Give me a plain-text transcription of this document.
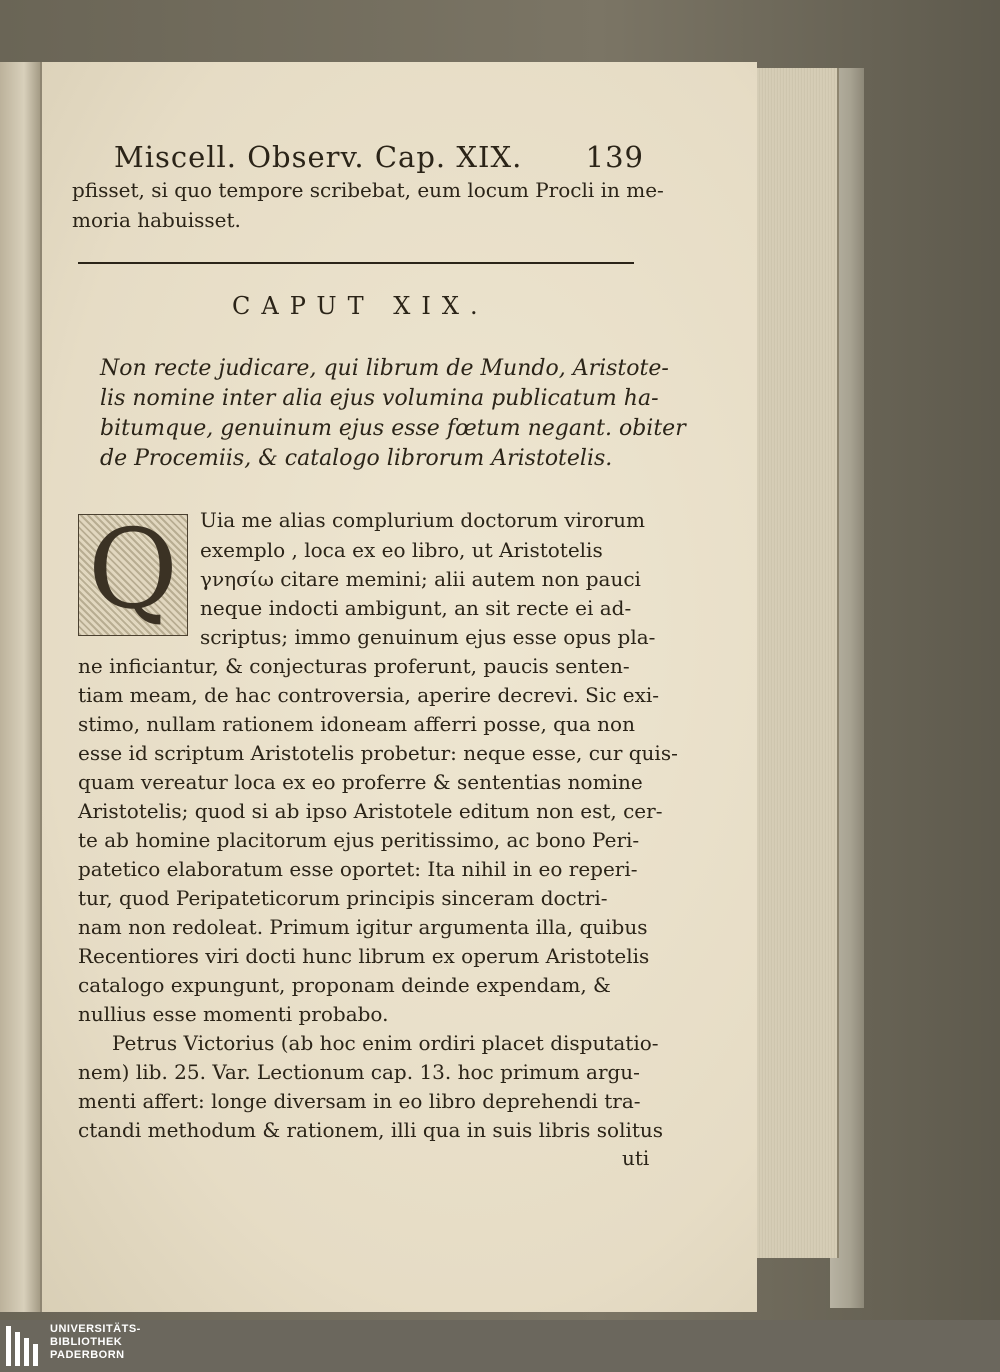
Miscell. Observ. Cap. XIX. 139
pfisset, si quo tempore scribebat, eum locum Procli in me-
moria habuisset.
CAPUT XIX.
Non recte judicare, qui librum de Mundo, Aristote-
lis nomine inter alia ejus volumina publicatum ha-
bitumque, genuinum ejus esse fœtum negant. obiter
de Procemiis, & catalogo librorum Aristotelis.
Q	Uia me alias complurium doctorum virorum
exemplo , loca ex eo libro, ut Aristotelis
γνησίω citare memini; alii autem non pauci
neque indocti ambigunt, an sit recte ei ad-
scriptus; immo genuinum ejus esse opus pla-
ne inficiantur, & conjecturas proferunt, paucis senten-
tiam meam, de hac controversia, aperire decrevi. Sic exi-
stimo, nullam rationem idoneam afferri posse, qua non
esse id scriptum Aristotelis probetur: neque esse, cur quis-
quam vereatur loca ex eo proferre & sententias nomine
Aristotelis; quod si ab ipso Aristotele editum non est, cer-
te ab homine placitorum ejus peritissimo, ac bono Peri-
patetico elaboratum esse oportet: Ita nihil in eo reperi-
tur, quod Peripateticorum principis sinceram doctri-
nam non redoleat. Primum igitur argumenta illa, quibus
Recentiores viri docti hunc librum ex operum Aristotelis
catalogo expungunt, proponam deinde expendam, &
nullius esse momenti probabo.
Petrus Victorius (ab hoc enim ordiri placet disputatio-
nem) lib. 25. Var. Lectionum cap. 13. hoc primum argu-
menti affert: longe diversam in eo libro deprehendi tra-
ctandi methodum & rationem, illi qua in suis libris solitus
uti
UNIVERSITÄTS-
BIBLIOTHEK
PADERBORN
